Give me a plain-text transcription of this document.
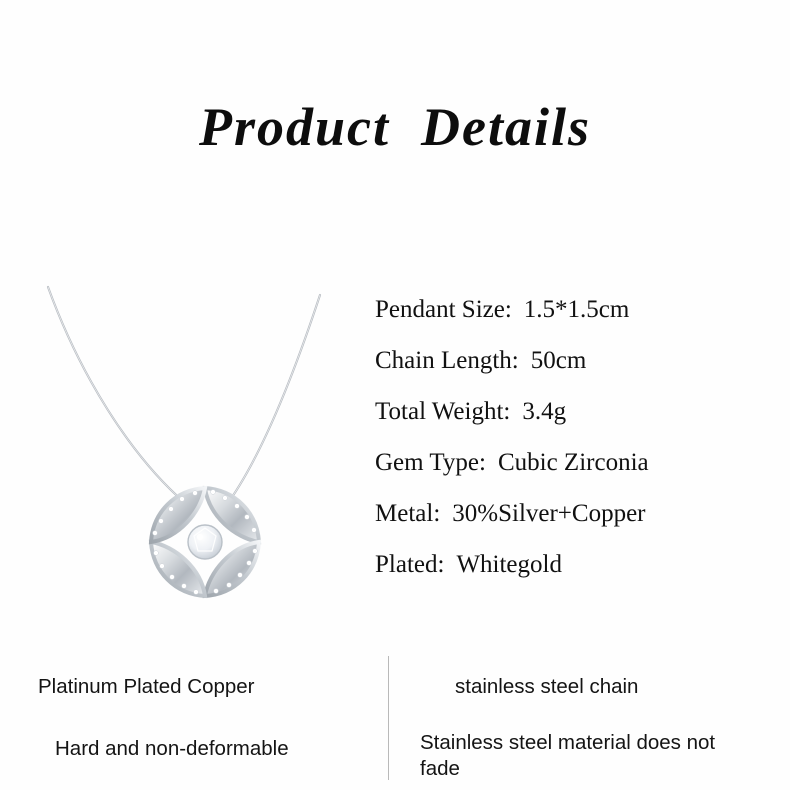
Product  Details
Pendant Size: 1.5*1.5cm
Chain Length: 50cm
Total Weight: 3.4g
Gem Type: Cubic Zirconia
Metal: 30%Silver+Copper
Plated: Whitegold
Platinum Plated Copper	stainless steel chain
Hard and non-deformable	Stainless steel material does not fade
